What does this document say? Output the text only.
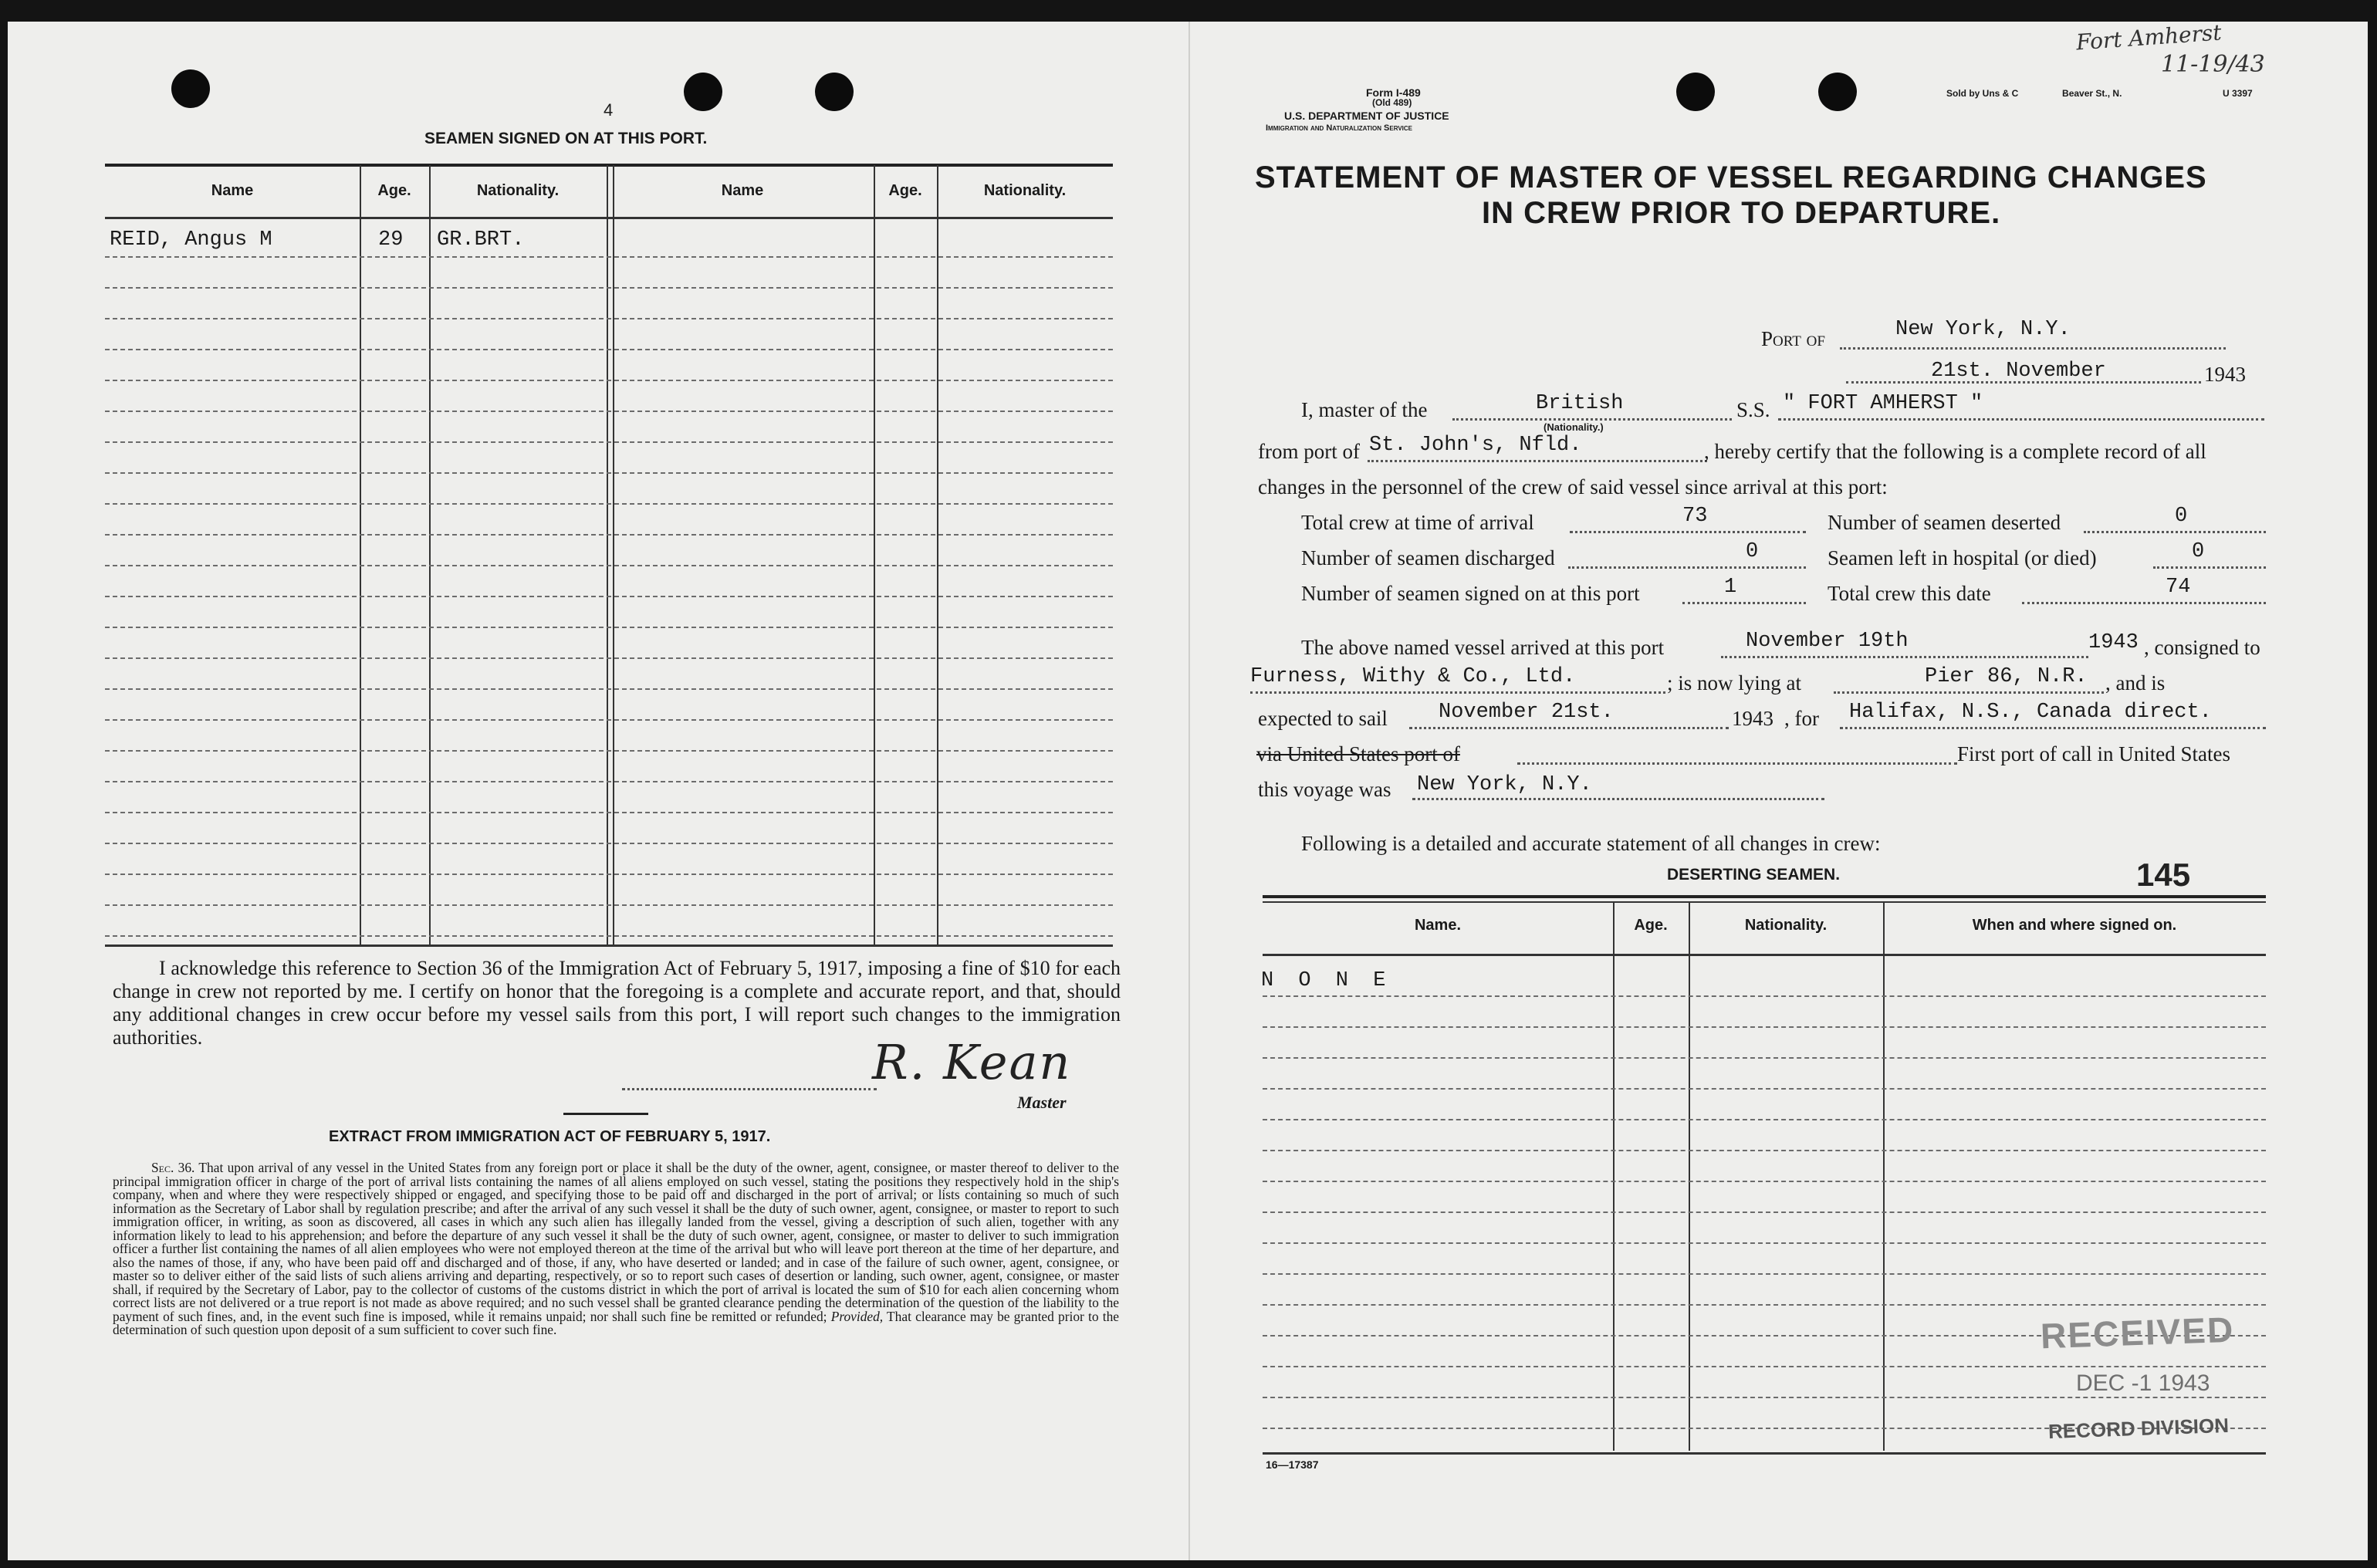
4
SEAMEN SIGNED ON AT THIS PORT.
Name	Age.	Nationality.	Name	Age.	Nationality.
REID, Angus M	29 GR.BRT.
I acknowledge this reference to Section 36 of the Immigration Act of February 5, 1917, imposing a fine of $10 for each change in crew not reported by me. I certify on honor that the foregoing is a complete and accurate report, and that, should any additional changes in crew occur before my vessel sails from this port, I will report such changes to the immigration authorities.	R. Kean
Master
EXTRACT FROM IMMIGRATION ACT OF FEBRUARY 5, 1917.
Sec. 36. That upon arrival of any vessel in the United States from any foreign port or place it shall be the duty of the owner, agent, consignee, or master thereof to deliver to the principal immigration officer in charge of the port of arrival lists containing the names of all aliens employed on such vessel, stating the positions they respectively hold in the ship's company, when and where they were respectively shipped or engaged, and specifying those to be paid off and discharged in the port of arrival; or lists containing so much of such information as the Secretary of Labor shall by regulation prescribe; and after the arrival of any such vessel it shall be the duty of such owner, agent, consignee, or master to report to such immigration officer, in writing, as soon as discovered, all cases in which any such alien has illegally landed from the vessel, giving a description of such alien, together with any information likely to lead to his apprehension; and before the departure of any such vessel it shall be the duty of such owner, agent, consignee, or master to deliver to such immigration officer a further list containing the names of all alien employees who were not employed thereon at the time of the arrival but who will leave port thereon at the time of her departure, and also the names of those, if any, who have been paid off and discharged and of those, if any, who have deserted or landed; and in case of the failure of such owner, agent, consignee, or master so to deliver either of the said lists of such aliens arriving and departing, respectively, or so to report such cases of desertion or landing, such owner, agent, consignee, or master shall, if required by the Secretary of Labor, pay to the collector of customs of the customs district in which the port of arrival is located the sum of $10 for each alien concerning whom correct lists are not delivered or a true report is not made as above required; and no such vessel shall be granted clearance pending the determination of the question of the liability to the payment of such fines, and, in the event such fine is imposed, while it remains unpaid; nor shall such fine be remitted or refunded; Provided, That clearance may be granted prior to the determination of such question upon deposit of a sum sufficient to cover such fine.
Form I-489
(Old 489)
U.S. DEPARTMENT OF JUSTICE
Immigration and Naturalization Service
Sold by Uns & C	Beaver St., N.	U 3397
Fort Amherst
11-19/43
STATEMENT OF MASTER OF VESSEL REGARDING CHANGES
IN CREW PRIOR TO DEPARTURE.
Port of	New York, N.Y.
21st. November	1943
I, master of the	British
(Nationality.)
S.S. " FORT AMHERST "
from port of St. John's, Nfld.	, hereby certify that the following is a complete record of all
changes in the personnel of the crew of said vessel since arrival at this port:
Total crew at time of arrival	73
Number of seamen discharged	0
Number of seamen signed on at this port	1
Number of seamen deserted	0
Seamen left in hospital (or died)	0
Total crew this date	74
The above named vessel arrived at this port	November 19th	1943 , consigned to
Furness, Withy & Co., Ltd.	; is now lying at	Pier 86, N.R. , and is
expected to sail November 21st.	1943 , for Halifax, N.S., Canada direct.
via United States port of	First port of call in United States
this voyage was New York, N.Y.
Following is a detailed and accurate statement of all changes in crew:
DESERTING SEAMEN.	145
Name.	Age.	Nationality.	When and where signed on.
N O N E
RECEIVED
DEC -1 1943
RECORD DIVISION
16—17387
